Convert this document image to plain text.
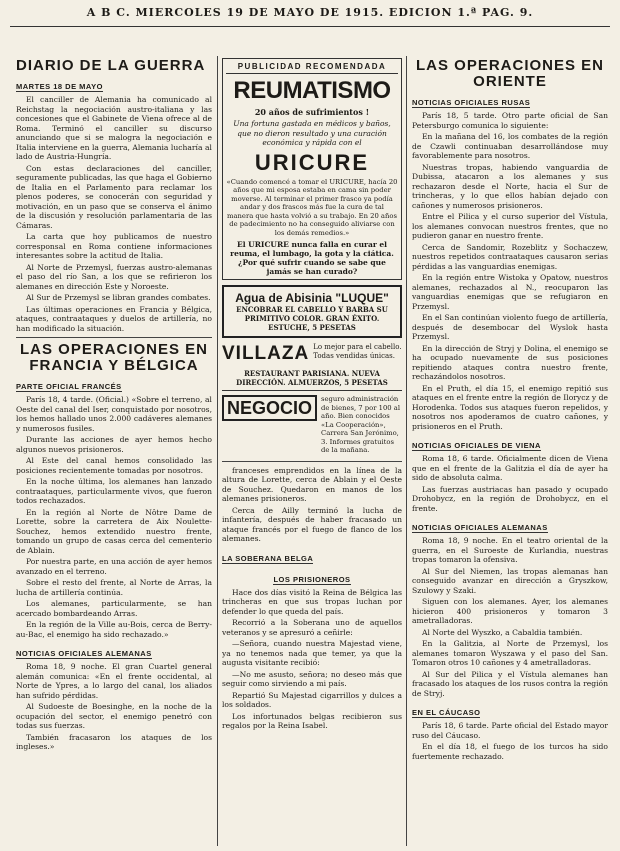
A B C. MIERCOLES 19 DE MAYO DE 1915. EDICION 1.ª PAG. 9.
DIARIO DE LA GUERRA
MARTES 18 DE MAYO

El canciller de Alemania ha comunicado al Reichstag la negociación austro-italiana y las concesiones que el Gabinete de Viena ofrece al de Roma. Terminó el canciller su discurso anunciando que si se malogra la negociación e Italia interviene en la guerra, Alemania lucharía al lado de Austria-Hungría.

Con estas declaraciones del canciller, seguramente publicadas, las que haga el Gobierno de Italia en el Parlamento para reclamar los plenos poderes, se conocerán con seguridad y motivación, en un paso que se conserva el ánimo de la discusión y resolución parlamentaria de las Cámaras.

La carta que hoy publicamos de nuestro corresponsal en Roma contiene informaciones interesantes sobre la actitud de Italia.

Al Norte de Przemysl, fuerzas austro-alemanas el paso del río San, a los que se refirieron los alemanes en dirección Este y Noroeste.

Al Sur de Przemysl se libran grandes combates.

Las últimas operaciones en Francia y Bélgica, ataques, contraataques y duelos de artillería, no han modificado la situación.

LAS OPERACIONES EN FRANCIA Y BÉLGICA
PARTE OFICIAL FRANCÉS

París 18, 4 tarde. (Oficial.) «Sobre el terreno, al Oeste del canal del Iser, conquistado por nosotros, los hemos hallado unos 2.000 cadáveres alemanes y numerosos fusiles.

Durante las acciones de ayer hemos hecho algunos nuevos prisioneros.

Al Este del canal hemos consolidado las posiciones recientemente tomadas por nosotros.

En la noche última, los alemanes han lanzado contraataques, particularmente vivos, que fueron todos rechazados.

En la región al Norte de Nôtre Dame de Lorette, sobre la carretera de Aix Noulette-Souchez, hemos extendido nuestro frente, tomando un grupo de casas cerca del cementerio de Ablain.

Por nuestra parte, en una acción de ayer hemos avanzado en el terreno.

Sobre el resto del frente, al Norte de Arras, la lucha de artillería continúa.

Los alemanes, particularmente, se han acercado bombardeando Arras.

En la región de la Ville au-Bois, cerca de Berry-au-Bac, el enemigo ha sido rechazado.»

NOTICIAS OFICIALES ALEMANAS

Roma 18, 9 noche. El gran Cuartel general alemán comunica: «En el frente occidental, al Norte de Ypres, a lo largo del canal, los aliados han sufrido pérdidas.

Al Sudoeste de Boesinghe, en la noche de la ocupación del sector, el enemigo penetró con todas sus fuerzas.

También fracasaron los ataques de los ingleses.»

PUBLICIDAD RECOMENDADA
REUMATISMO
20 años de sufrimientos !
Una fortuna gastada en médicos y baños, que no dieron resultado y una curación económica y rápida con el
URICURE
«Cuando comencé a tomar el URICURE, hacía 20 años que mi esposa estaba en cama sin poder moverse. Al terminar el primer frasco ya podía andar y dos frascos más fue la cura de tal manera que hasta volvió a su trabajo. En 20 años de padecimiento no ha conseguido aliviarse con los demás remedios.»
El URICURE nunca falla en curar el reuma, el lumbago, la gota y la ciática. ¿Por qué sufrir cuando se sabe que jamás se han curado?
Agua de Abisinia "LUQUE"
ENCOBRAR EL CABELLO Y BARBA SU PRIMITIVO COLOR. GRAN ÉXITO. ESTUCHE, 5 PESETAS
VILLAZA Lo mejor para el cabello. Todas vendidas únicas.
RESTAURANT PARISIANA. NUEVA DIRECCIÓN. ALMUERZOS, 5 PESETAS
NEGOCIO	seguro administración de bienes, 7 por 100 al año. Bien conocidos «La Cooperación», Carrera San Jerónimo, 3. Informes gratuitos de la mañana.

franceses emprendidos en la línea de la altura de Lorette, cerca de Ablain y el Oeste de Souchez. Quedaron en manos de los alemanes prisioneros.

Cerca de Ailly terminó la lucha de infantería, después de haber fracasado un ataque francés por el fuego de flanco de los alemanes.

LA SOBERANA BELGA
LOS PRISIONEROS

Hace dos días visitó la Reina de Bélgica las trincheras en que sus tropas luchan por defender lo que queda del país.

Recorrió a la Soberana uno de aquellos veteranos y se apresuró a ceñirle:

—Señora, cuando nuestra Majestad viene, ya no tenemos nada que temer, ya que la augusta visitante recibió:

—No me asusto, señora; no deseo más que seguir como sirviendo a mi país.

Repartió Su Majestad cigarrillos y dulces a los soldados.

Los infortunados belgas recibieron sus regalos por la Reina Isabel.

LAS OPERACIONES EN ORIENTE
NOTICIAS OFICIALES RUSAS

París 18, 5 tarde. Otro parte oficial de San Petersburgo comunica lo siguiente:

En la mañana del 16, los combates de la región de Czawli continuaban desarrollándose muy favorablemente para nosotros.

Nuestras tropas, habiendo vanguardia de Dubissa, atacaron a los alemanes y sus rechazaron desde el Norte, hacia el Sur de trincheras, y lo que ellos habían dejado con cañones y numerosos prisioneros.

Entre el Pilica y el curso superior del Vístula, los alemanes convocan nuestros frentes, que no pudieron ganar en nuestro frente.

Cerca de Sandomir, Rozeblitz y Sochaczew, nuestros repetidos contraataques causaron serias pérdidas a las vanguardias enemigas.

En la región entre Wistoka y Opatow, nuestros alemanes, rechazados al N., reocuparon las vanguardias enemigas que se refugiaron en Przemysl.

En el San continúan violento fuego de artillería, después de desembocar del Wyslok hasta Przemysl.

En la dirección de Stryj y Dolina, el enemigo se ha ocupado nuevamente de sus posiciones repitiendo ataques contra nuestro frente, rechazándolos nosotros.

En el Pruth, el día 15, el enemigo repitió sus ataques en el frente entre la región de Ilorycz y de Horodenka. Todos sus ataques fueron repelidos, y nosotros nos apoderamos de cuatro cañones, y prisioneros en el Pruth.

NOTICIAS OFICIALES DE VIENA

Roma 18, 6 tarde. Oficialmente dicen de Viena que en el frente de la Galitzia el día de ayer ha sido de absoluta calma.

Las fuerzas austriacas han pasado y ocupado Drohobycz, en la región de Drohobycz, en el frente.

NOTICIAS OFICIALES ALEMANAS

Roma 18, 9 noche. En el teatro oriental de la guerra, en el Suroeste de Kurlandia, nuestras tropas tomaron la ofensiva.

Al Sur del Niemen, las tropas alemanas han conseguido avanzar en dirección a Gryszkow, Szulowy y Szaki.

Siguen con los alemanes. Ayer, los alemanes hicieron 400 prisioneros y tomaron 3 ametralladoras.

Al Norte del Wyszko, a Cabaldia también.

En la Galitzia, al Norte de Przemysl, los alemanes tomaron Wyszawa y el paso del San. Tomaron otros 10 cañones y 4 ametralladoras.

Al Sur del Pilica y el Vístula alemanes han fracasado los ataques de los rusos contra la región de Stryj.

EN EL CÁUCASO

París 18, 6 tarde. Parte oficial del Estado mayor ruso del Cáucaso.

En el día 18, el fuego de los turcos ha sido fuertemente rechazado.
